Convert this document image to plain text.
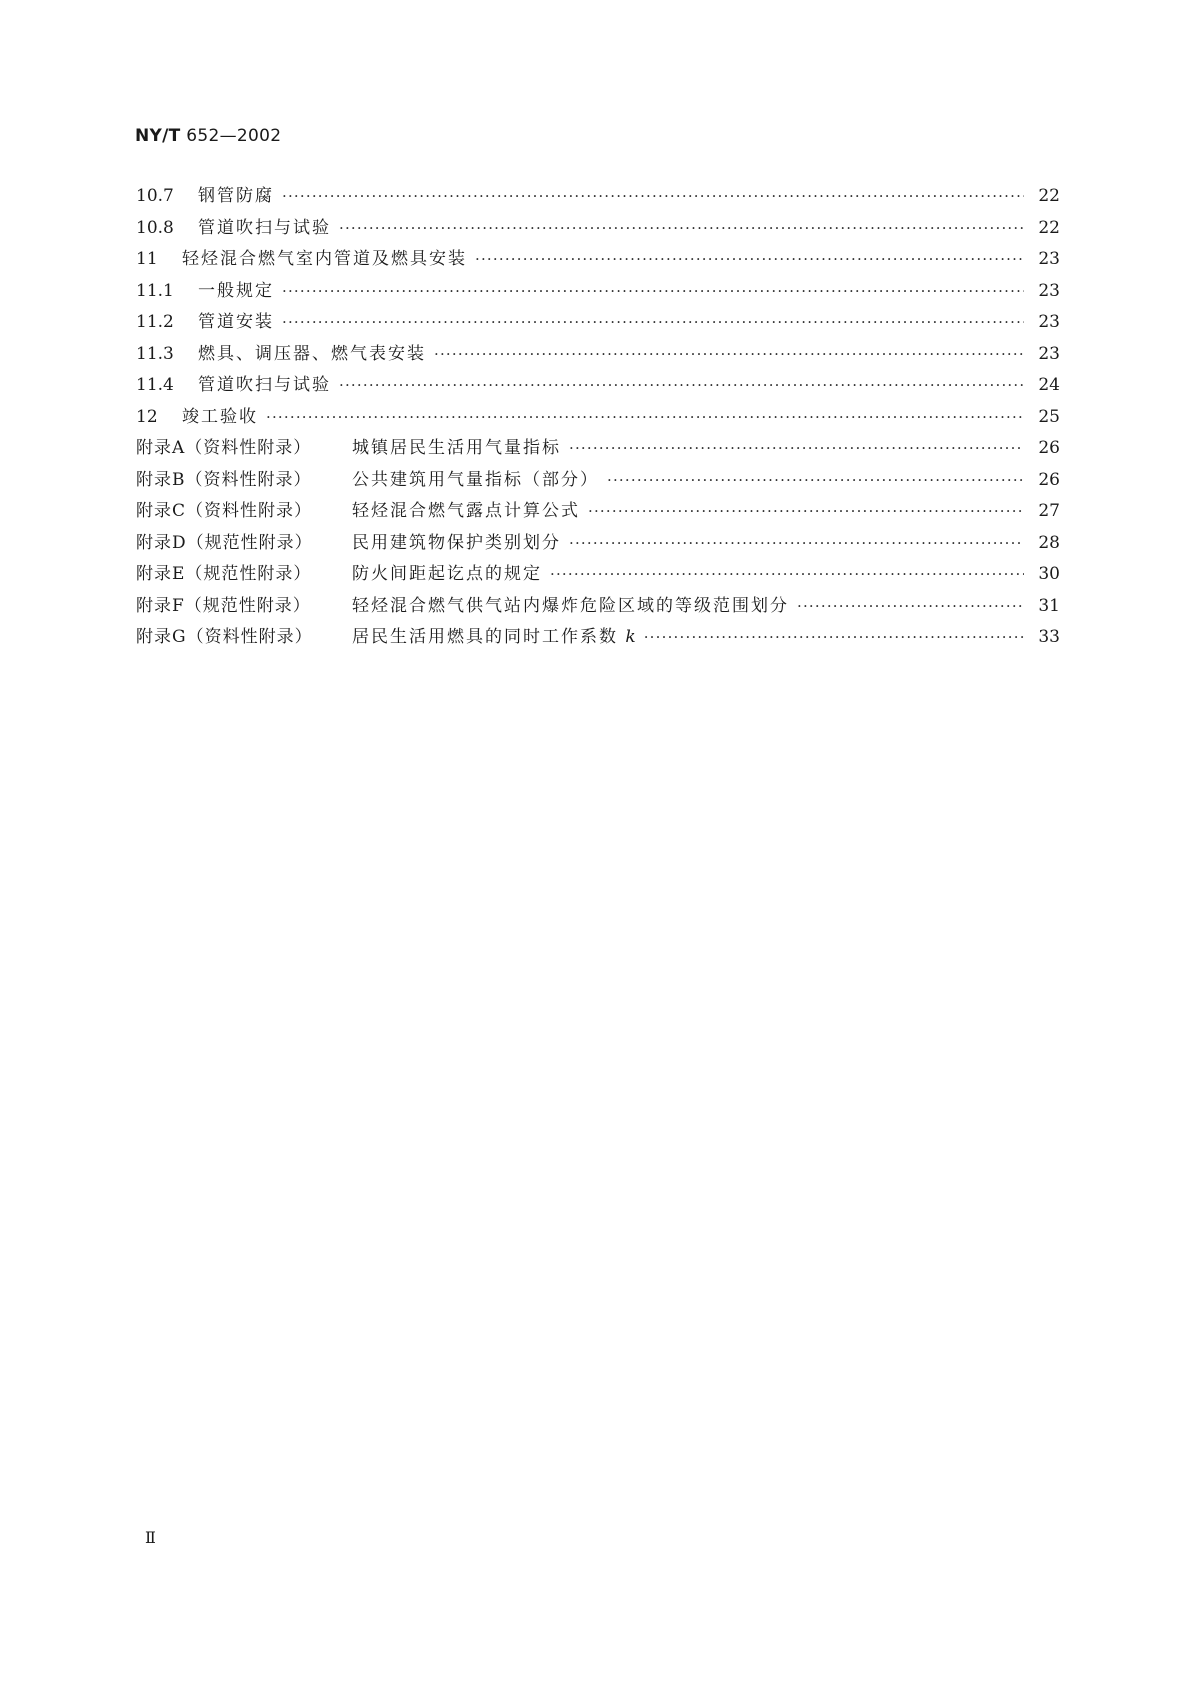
NY/T 652—2002
10.7	钢管防腐 ·····	22
10.8	管道吹扫与试验 ·····	22
11	轻烃混合燃气室内管道及燃具安装 ·····	23
11.1	一般规定 ·····	23
11.2	管道安装 ·····	23
11.3	燃具、调压器、燃气表安装 ·····	23
11.4	管道吹扫与试验 ·····	24
12	竣工验收 ·····	25
附录A（资料性附录）	城镇居民生活用气量指标 ·····	26
附录B（资料性附录）	公共建筑用气量指标（部分） ·····	26
附录C（资料性附录）	轻烃混合燃气露点计算公式 ·····	27
附录D（规范性附录）	民用建筑物保护类别划分 ·····	28
附录E（规范性附录）	防火间距起讫点的规定 ·····	30
附录F（规范性附录）	轻烃混合燃气供气站内爆炸危险区域的等级范围划分 ·····	31
附录G（资料性附录）	居民生活用燃具的同时工作系数 k ·····	33
Ⅱ
